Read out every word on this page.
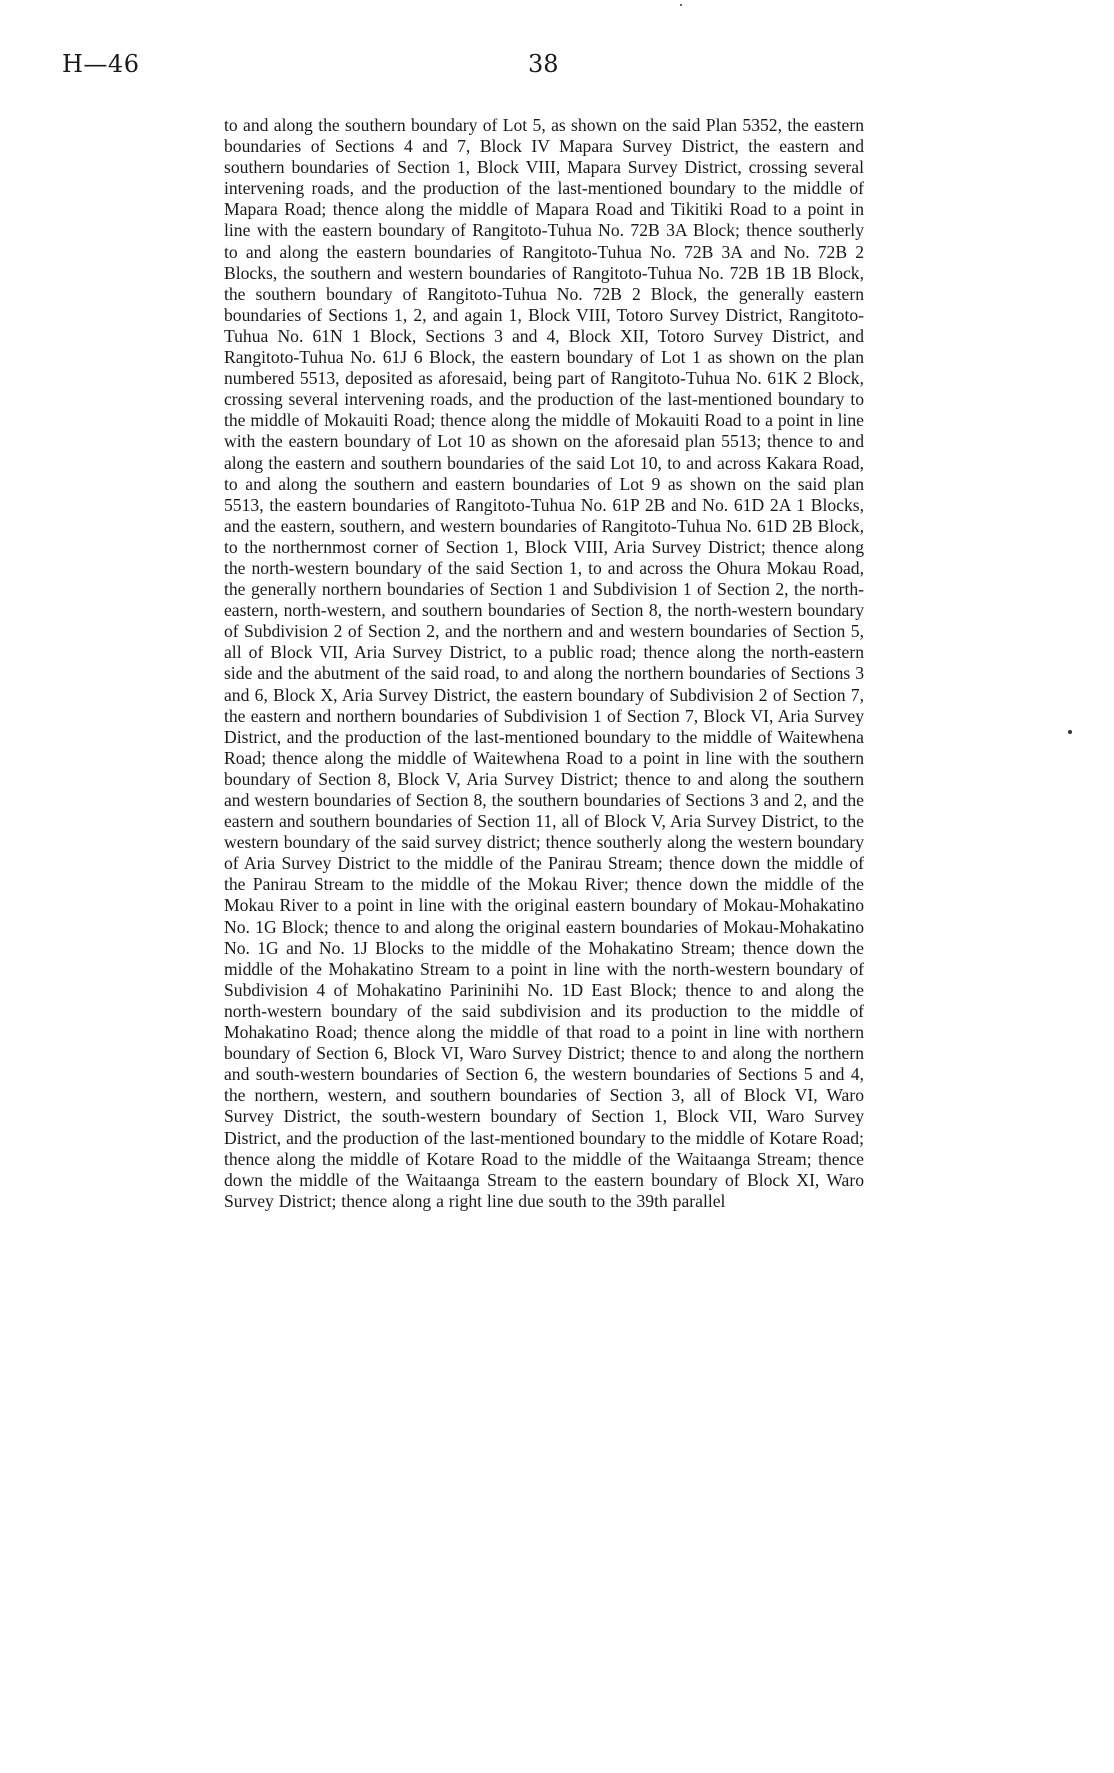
H—46	38
to and along the southern boundary of Lot 5, as shown on the said Plan 5352, the eastern boundaries of Sections 4 and 7, Block IV Mapara Survey District, the eastern and southern boundaries of Section 1, Block VIII, Mapara Survey District, crossing several intervening roads, and the production of the last-mentioned boundary to the middle of Mapara Road; thence along the middle of Mapara Road and Tikitiki Road to a point in line with the eastern boundary of Rangitoto-Tuhua No. 72B 3A Block; thence southerly to and along the eastern boundaries of Rangitoto-Tuhua No. 72B 3A and No. 72B 2 Blocks, the southern and western boundaries of Rangitoto-Tuhua No. 72B 1B 1B Block, the southern boundary of Rangitoto-Tuhua No. 72B 2 Block, the generally eastern boundaries of Sections 1, 2, and again 1, Block VIII, Totoro Survey District, Rangitoto-Tuhua No. 61N 1 Block, Sections 3 and 4, Block XII, Totoro Survey District, and Rangitoto-Tuhua No. 61J 6 Block, the eastern boundary of Lot 1 as shown on the plan numbered 5513, deposited as aforesaid, being part of Rangitoto-Tuhua No. 61K 2 Block, crossing several intervening roads, and the production of the last-mentioned boundary to the middle of Mokauiti Road; thence along the middle of Mokauiti Road to a point in line with the eastern boundary of Lot 10 as shown on the aforesaid plan 5513; thence to and along the eastern and southern boundaries of the said Lot 10, to and across Kakara Road, to and along the southern and eastern boundaries of Lot 9 as shown on the said plan 5513, the eastern boundaries of Rangitoto-Tuhua No. 61P 2B and No. 61D 2A 1 Blocks, and the eastern, southern, and western boundaries of Rangitoto-Tuhua No. 61D 2B Block, to the northernmost corner of Section 1, Block VIII, Aria Survey District; thence along the north-western boundary of the said Section 1, to and across the Ohura Mokau Road, the generally northern boundaries of Section 1 and Subdivision 1 of Section 2, the north-eastern, north-western, and southern boundaries of Section 8, the north-western boundary of Subdivision 2 of Section 2, and the northern and and western boundaries of Section 5, all of Block VII, Aria Survey District, to a public road; thence along the north-eastern side and the abutment of the said road, to and along the northern boundaries of Sections 3 and 6, Block X, Aria Survey District, the eastern boundary of Subdivision 2 of Section 7, the eastern and northern boundaries of Subdivision 1 of Section 7, Block VI, Aria Survey District, and the production of the last-mentioned boundary to the middle of Waitewhena Road; thence along the middle of Waitewhena Road to a point in line with the southern boundary of Section 8, Block V, Aria Survey District; thence to and along the southern and western boundaries of Section 8, the southern boundaries of Sections 3 and 2, and the eastern and southern boundaries of Section 11, all of Block V, Aria Survey District, to the western boundary of the said survey district; thence southerly along the western boundary of Aria Survey District to the middle of the Panirau Stream; thence down the middle of the Panirau Stream to the middle of the Mokau River; thence down the middle of the Mokau River to a point in line with the original eastern boundary of Mokau-Mohakatino No. 1G Block; thence to and along the original eastern boundaries of Mokau-Mohakatino No. 1G and No. 1J Blocks to the middle of the Mohakatino Stream; thence down the middle of the Mohakatino Stream to a point in line with the north-western boundary of Subdivision 4 of Mohakatino Parininihi No. 1D East Block; thence to and along the north-western boundary of the said subdivision and its production to the middle of Mohakatino Road; thence along the middle of that road to a point in line with northern boundary of Section 6, Block VI, Waro Survey District; thence to and along the northern and south-western boundaries of Section 6, the western boundaries of Sections 5 and 4, the northern, western, and southern boundaries of Section 3, all of Block VI, Waro Survey District, the south-western boundary of Section 1, Block VII, Waro Survey District, and the production of the last-mentioned boundary to the middle of Kotare Road; thence along the middle of Kotare Road to the middle of the Waitaanga Stream; thence down the middle of the Waitaanga Stream to the eastern boundary of Block XI, Waro Survey District; thence along a right line due south to the 39th parallel
